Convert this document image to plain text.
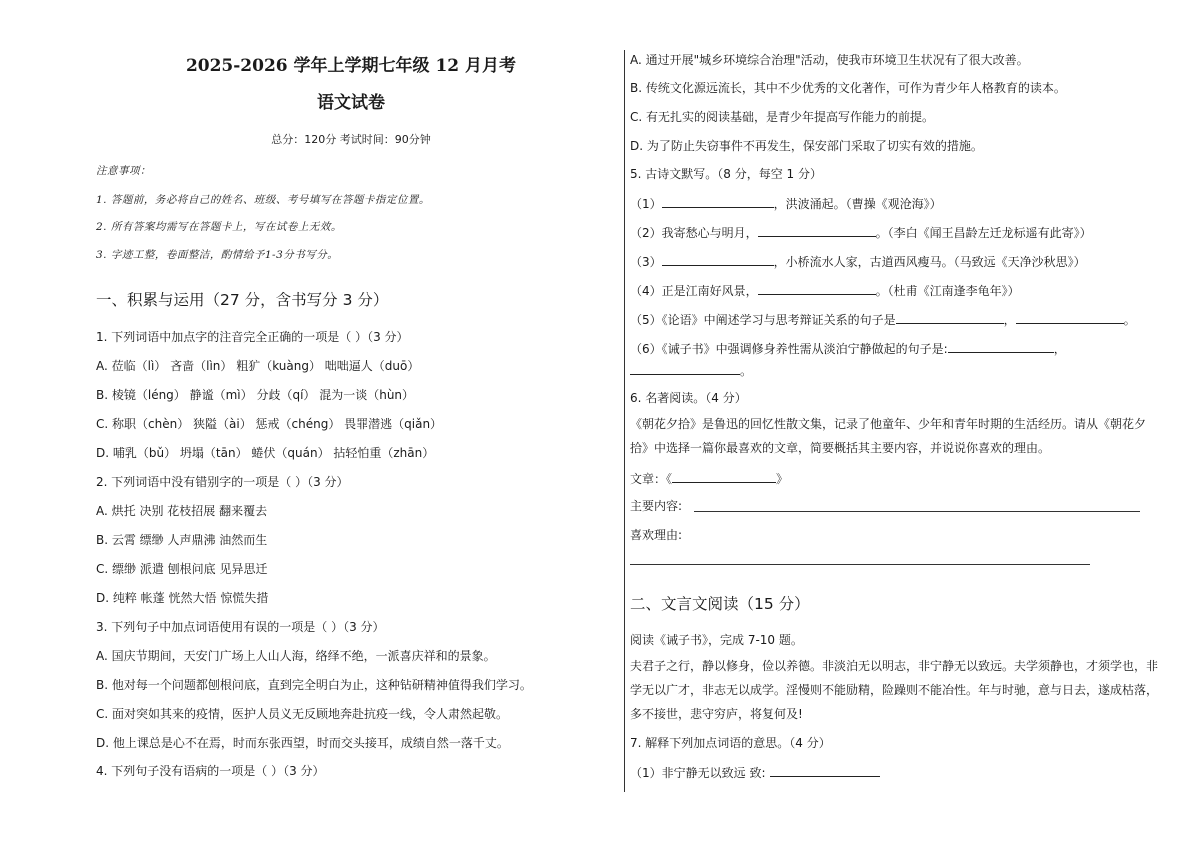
2025-2026 学年上学期七年级 12 月月考
语文试卷
总分：120分 考试时间：90分钟
注意事项：
1. 答题前，务必将自己的姓名、班级、考号填写在答题卡指定位置。
2. 所有答案均需写在答题卡上，写在试卷上无效。
3. 字迹工整，卷面整洁，酌情给予1-3分书写分。
一、积累与运用（27 分，含书写分 3 分）
1. 下列词语中加点字的注音完全正确的一项是（ ）（3 分）
A. 莅临（lì） 吝啬（lìn） 粗犷（kuàng） 咄咄逼人（duō）
B. 棱镜（léng） 静谧（mì） 分歧（qí） 混为一谈（hùn）
C. 称职（chèn） 狭隘（ài） 惩戒（chéng） 畏罪潜逃（qiǎn）
D. 哺乳（bǔ） 坍塌（tān） 蜷伏（quán） 拈轻怕重（zhān）
2. 下列词语中没有错别字的一项是（ ）（3 分）
A. 烘托 决别 花枝招展 翻来覆去
B. 云霄 缥缈 人声鼎沸 油然而生
C. 缥缈 派遣 刨根问底 见异思迁
D. 纯粹 帐蓬 恍然大悟 惊慌失措
3. 下列句子中加点词语使用有误的一项是（ ）（3 分）
A. 国庆节期间，天安门广场上人山人海，络绎不绝，一派喜庆祥和的景象。
B. 他对每一个问题都刨根问底，直到完全明白为止，这种钻研精神值得我们学习。
C. 面对突如其来的疫情，医护人员义无反顾地奔赴抗疫一线，令人肃然起敬。
D. 他上课总是心不在焉，时而东张西望，时而交头接耳，成绩自然一落千丈。
4. 下列句子没有语病的一项是（ ）（3 分）
A. 通过开展"城乡环境综合治理"活动，使我市环境卫生状况有了很大改善。
B. 传统文化源远流长，其中不少优秀的文化著作，可作为青少年人格教育的读本。
C. 有无扎实的阅读基础，是青少年提高写作能力的前提。
D. 为了防止失窃事件不再发生，保安部门采取了切实有效的措施。
5. 古诗文默写。（8 分，每空 1 分）
（1）	，洪波涌起。（曹操《观沧海》）
（2）我寄愁心与明月，	。（李白《闻王昌龄左迁龙标遥有此寄》）
（3）	，小桥流水人家，古道西风瘦马。（马致远《天净沙秋思》）
（4）正是江南好风景，	。（杜甫《江南逢李龟年》）
（5）《论语》中阐述学习与思考辩证关系的句子是	，	。
（6）《诫子书》中强调修身养性需从淡泊宁静做起的句子是:	，
。
6. 名著阅读。（4 分）
《朝花夕拾》是鲁迅的回忆性散文集，记录了他童年、少年和青年时期的生活经历。请从《朝花夕拾》中选择一篇你最喜欢的文章，简要概括其主要内容，并说说你喜欢的理由。
文章：《	》
主要内容:
喜欢理由:
二、文言文阅读（15 分）
阅读《诫子书》，完成 7-10 题。
夫君子之行，静以修身，俭以养德。非淡泊无以明志，非宁静无以致远。夫学须静也，才须学也，非学无以广才，非志无以成学。淫慢则不能励精，险躁则不能冶性。年与时驰，意与日去，遂成枯落，多不接世，悲守穷庐，将复何及!
7. 解释下列加点词语的意思。（4 分）
（1）非宁静无以致远 致:
